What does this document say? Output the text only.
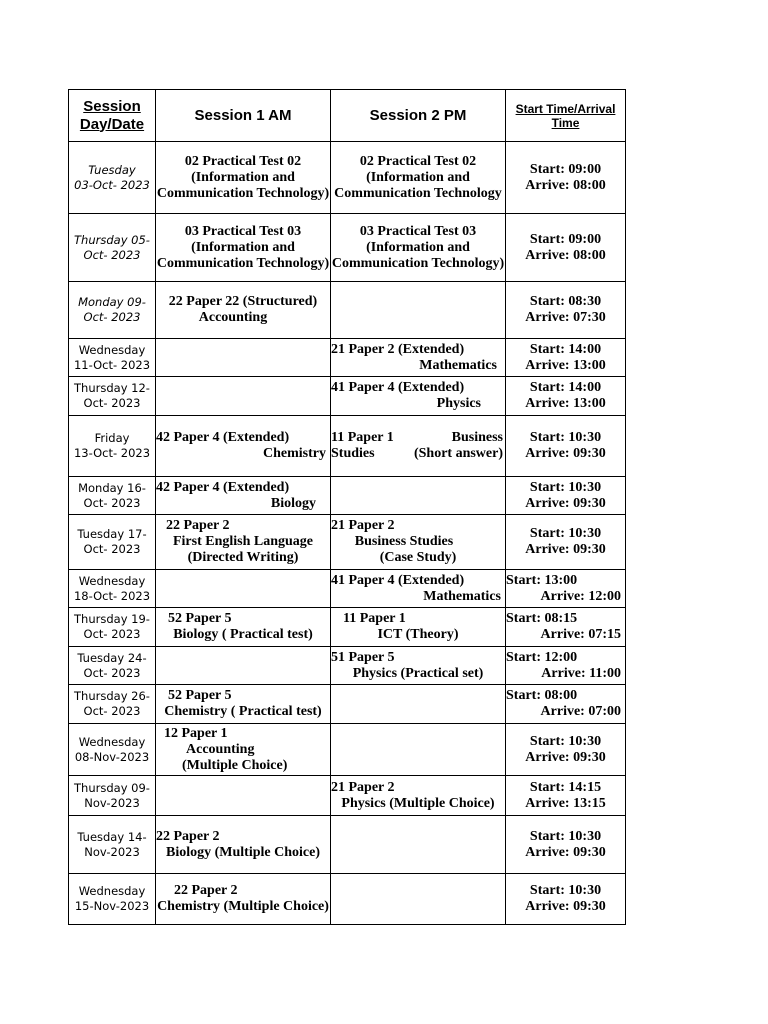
Session
Day/Date	Session 1 AM	Session 2 PM	Start Time/Arrival
Time

Tuesday
03-Oct- 2023	02 Practical Test 02
(Information and
Communication Technology)	02 Practical Test 02
(Information and
Communication Technology	Start: 09:00
Arrive: 08:00

Thursday 05-
Oct- 2023	03 Practical Test 03
(Information and
Communication Technology)	03 Practical Test 03
(Information and
Communication Technology)	Start: 09:00
Arrive: 08:00

Monday 09-
Oct- 2023	22 Paper 22 (Structured)
Accounting		Start: 08:30
Arrive: 07:30

Wednesday
11-Oct- 2023		21 Paper 2 (Extended)
Mathematics	Start: 14:00
Arrive: 13:00

Thursday 12-
Oct- 2023		41 Paper 4 (Extended)
Physics	Start: 14:00
Arrive: 13:00

Friday
13-Oct- 2023	42 Paper 4 (Extended)
Chemistry	11 Paper 1 Business
Studies (Short answer)	Start: 10:30
Arrive: 09:30

Monday 16-
Oct- 2023	42 Paper 4 (Extended)
Biology		Start: 10:30
Arrive: 09:30

Tuesday 17-
Oct- 2023	22 Paper 2
First English Language
(Directed Writing)	21 Paper 2
Business Studies
(Case Study)	Start: 10:30
Arrive: 09:30

Wednesday
18-Oct- 2023		41 Paper 4 (Extended)
Mathematics	Start: 13:00
Arrive: 12:00

Thursday 19-
Oct- 2023	52 Paper 5
Biology ( Practical test)	11 Paper 1
ICT (Theory)	Start: 08:15
Arrive: 07:15

Tuesday 24-
Oct- 2023		51 Paper 5
Physics (Practical set)	Start: 12:00
Arrive: 11:00

Thursday 26-
Oct- 2023	52 Paper 5
Chemistry ( Practical test)		Start: 08:00
Arrive: 07:00

Wednesday
08-Nov-2023	12 Paper 1
Accounting
(Multiple Choice)		Start: 10:30
Arrive: 09:30

Thursday 09-
Nov-2023		21 Paper 2
Physics (Multiple Choice)	Start: 14:15
Arrive: 13:15

Tuesday 14-
Nov-2023	22 Paper 2
Biology (Multiple Choice)		Start: 10:30
Arrive: 09:30

Wednesday
15-Nov-2023	22 Paper 2
Chemistry (Multiple Choice)		Start: 10:30
Arrive: 09:30
